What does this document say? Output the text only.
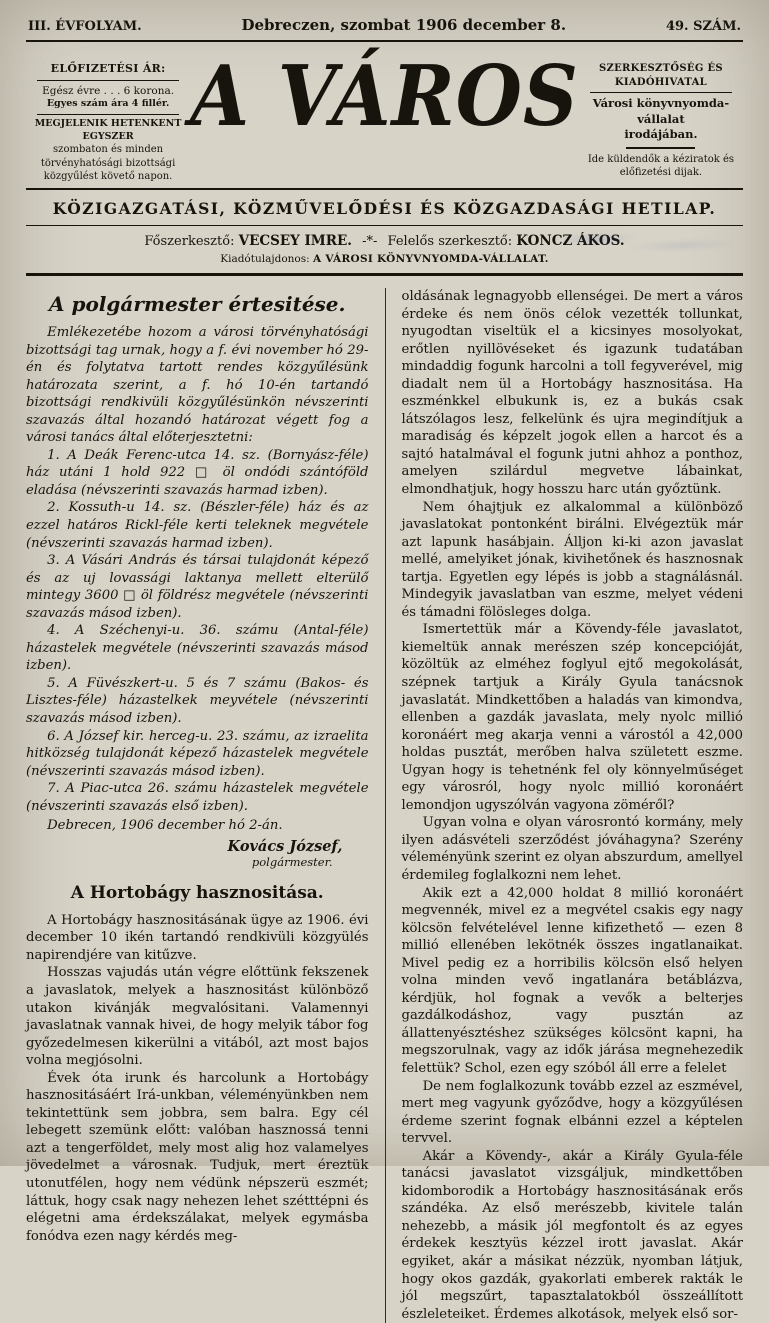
III. ÉVFOLYAM.	Debreczen, szombat 1906 december 8.	49. SZÁM.
ELŐFIZETÉSI ÁR:
Egész évre . . . 6 korona.
Egyes szám ára 4 fillér.
MEGJELENIK HETENKENT EGYSZER
szombaton és minden törvényhatósági bizottsági közgyűlést követő napon.
A VÁROS	SZERKESZTŐSÉG ÉS KIADÓHIVATAL
Városi könyvnyomda-vállalat
irodájában.
Ide küldendők a kéziratok és előfizetési dijak.
KÖZIGAZGATÁSI, KÖZMŰVELŐDÉSI ÉS KÖZGAZDASÁGI HETILAP.
Főszerkesztő: VECSEY IMRE. -*- Felelős szerkesztő: KONCZ ÁKOS.
Kiadótulajdonos: A VÁROSI KÖNYVNYOMDA-VÁLLALAT.
A polgármester értesitése.

Emlékezetébe hozom a városi törvényhatósági bizottsági tag urnak, hogy a f. évi november hó 29-én és folytatva tartott rendes közgyűlésünk határozata szerint, a f. hó 10-én tartandó bizottsági rendkivüli közgyűlésünkön névszerinti szavazás által hozandó határozat végett fog a városi tanács által előterjesztetni:

1. A Deák Ferenc-utca 14. sz. (Bornyász-féle) ház utáni 1 hold 922 □ öl ondódi szántóföld eladása (névszerinti szavazás harmad izben).

2. Kossuth-u 14. sz. (Bészler-féle) ház és az ezzel határos Rickl-féle kerti teleknek megvétele (névszerinti szavazás harmad izben).

3. A Vásári András és társai tulajdonát képező és az uj lovassági laktanya mellett elterülő mintegy 3600 □ öl földrész megvétele (névszerinti szavazás másod izben).

4. A Széchenyi-u. 36. számu (Antal-féle) házastelek megvétele (névszerinti szavazás másod izben).

5. A Füvészkert-u. 5 és 7 számu (Bakos- és Lisztes-féle) házastelkek meyvétele (névszerinti szavazás másod izben).

6. A József kir. herceg-u. 23. számu, az izraelita hitközség tulajdonát képező házastelek megvétele (névszerinti szavazás másod izben).

7. A Piac-utca 26. számu házastelek megvétele (névszerinti szavazás első izben).

Debrecen, 1906 december hó 2-án.

Kovács József,
polgármester.
A Hortobágy hasznositása.

A Hortobágy hasznositásának ügye az 1906. évi december 10 ikén tartandó rendkivüli közgyülés napirendjére van kitűzve.

Hosszas vajudás után végre előttünk fekszenek a javaslatok, melyek a hasznositást különböző utakon kivánják megvalósitani. Valamennyi javaslatnak vannak hivei, de hogy melyik tábor fog győzedelmesen kikerülni a vitából, azt most bajos volna megjósolni.

Évek óta irunk és harcolunk a Hortobágy hasznositásáért Irá-unkban, véleményünkben nem tekintettünk sem jobbra, sem balra. Egy cél lebegett szemünk előtt: valóban hasznossá tenni azt a tengerföldet, mely most alig hoz valamelyes jövedelmet a városnak. Tudjuk, mert éreztük utonutfélen, hogy nem védünk népszerü eszmét; láttuk, hogy csak nagy nehezen lehet szétttépni és elégetni ama érdekszálakat, melyek egymásba fonódva ezen nagy kérdés meg-

oldásának legnagyobb ellenségei. De mert a város érdeke és nem önös célok vezették tollunkat, nyugodtan viseltük el a kicsinyes mosolyokat, erőtlen nyillövéseket és igazunk tudatában mindaddig fogunk harcolni a toll fegyverével, mig diadalt nem ül a Hortobágy hasznositása. Ha eszménkkel elbukunk is, ez a bukás csak látszólagos lesz, felkelünk és ujra megindítjuk a maradiság és képzelt jogok ellen a harcot és a sajtó hatalmával el fogunk jutni ahhoz a ponthoz, amelyen szilárdul megvetve lábainkat, elmondhatjuk, hogy hosszu harc után győztünk.

Nem óhajtjuk ez alkalommal a különböző javaslatokat pontonként birálni. Elvégeztük már azt lapunk hasábjain. Álljon ki-ki azon javaslat mellé, amelyiket jónak, kivihetőnek és hasznosnak tartja. Egyetlen egy lépés is jobb a stagnálásnál. Mindegyik javaslatban van eszme, melyet védeni és támadni fölösleges dolga.

Ismertettük már a Kövendy-féle javaslatot, kiemeltük annak merészen szép koncepcióját, közöltük az elméhez foglyul ejtő megokolását, szépnek tartjuk a Király Gyula tanácsnok javaslatát. Mindkettőben a haladás van kimondva, ellenben a gazdák javaslata, mely nyolc millió koronáért meg akarja venni a várostól a 42,000 holdas pusztát, merőben halva született eszme. Ugyan hogy is tehetnénk fel oly könnyelműséget egy városról, hogy nyolc millió koronáért lemondjon ugyszólván vagyona zöméről?

Ugyan volna e olyan városrontó kormány, mely ilyen adásvételi szerződést jóváhagyna? Szerény véleményünk szerint ez olyan abszurdum, amellyel érdemileg foglalkozni nem lehet.

Akik ezt a 42,000 holdat 8 millió koronáért megvennék, mivel ez a megvétel csakis egy nagy kölcsön felvételével lenne kifizethető — ezen 8 millió ellenében lekötnék összes ingatlanaikat. Mivel pedig ez a horribilis kölcsön első helyen volna minden vevő ingatlanára betáblázva, kérdjük, hol fognak a vevők a belterjes gazdálkodáshoz, vagy pusztán az állattenyésztéshez szükséges kölcsönt kapni, ha megszorulnak, vagy az idők járása megnehezedik felettük? Schol, ezen egy szóból áll erre a felelet

De nem foglalkozunk tovább ezzel az eszmével, mert meg vagyunk győződve, hogy a közgyűlésen érdeme szerint fognak elbánni ezzel a képtelen tervvel.

Akár a Kövendy-, akár a Király Gyula-féle tanácsi javaslatot vizsgáljuk, mindkettőben kidomborodik a Hortobágy hasznositásának erős szándéka. Az első merészebb, kivitele talán nehezebb, a másik jól megfontolt és az egyes érdekek kesztyüs kézzel irott javaslat. Akár egyiket, akár a másikat nézzük, nyomban látjuk, hogy okos gazdák, gyakorlati emberek rakták le jól megszűrt, tapasztalatokból összeállított észleleteiket. Érdemes alkotások, melyek első sor-
